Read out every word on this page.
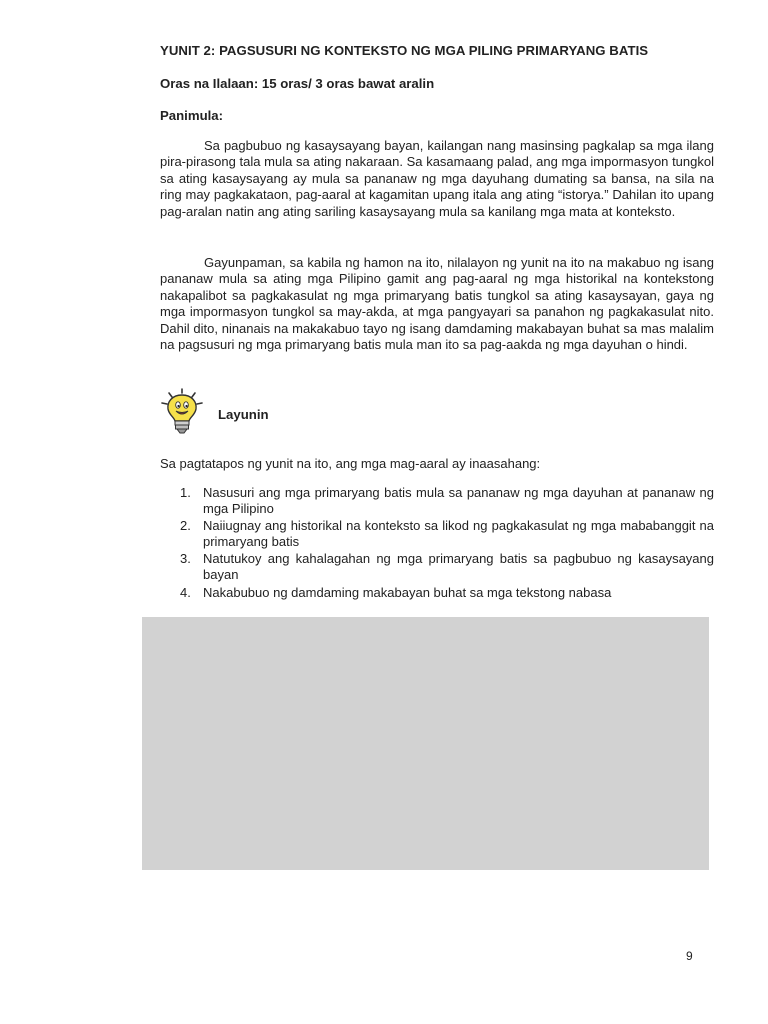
YUNIT 2: PAGSUSURI NG KONTEKSTO NG MGA PILING PRIMARYANG BATIS
Oras na Ilalaan: 15 oras/ 3 oras bawat aralin
Panimula:

Sa pagbubuo ng kasaysayang bayan, kailangan nang masinsing pagkalap sa mga ilang pira-pirasong tala mula sa ating nakaraan. Sa kasamaang palad, ang mga impormasyon tungkol sa ating kasaysayang ay mula sa pananaw ng mga dayuhang dumating sa bansa, na sila na ring may pagkakataon, pag-aaral at kagamitan upang itala ang ating “istorya.” Dahilan ito upang pag-aralan natin ang ating sariling kasaysayang mula sa kanilang mga mata at konteksto.

Gayunpaman, sa kabila ng hamon na ito, nilalayon ng yunit na ito na makabuo ng isang pananaw mula sa ating mga Pilipino gamit ang pag-aaral ng mga historikal na kontekstong nakapalibot sa pagkakasulat ng mga primaryang batis tungkol sa ating kasaysayan, gaya ng mga impormasyon tungkol sa may-akda, at mga pangyayari sa panahon ng pagkakasulat nito. Dahil dito, ninanais na makakabuo tayo ng isang damdaming makabayan buhat sa mas malalim na pagsusuri ng mga primaryang batis mula man ito sa pag-aakda ng mga dayuhan o hindi.

Layunin
Sa pagtatapos ng yunit na ito, ang mga mag-aaral ay inaasahang:
1. Nasusuri ang mga primaryang batis mula sa pananaw ng mga dayuhan at pananaw ng mga Pilipino
2. Naiiugnay ang historikal na konteksto sa likod ng pagkakasulat ng mga mababanggit na primaryang batis
3. Natutukoy ang kahalagahan ng mga primaryang batis sa pagbubuo ng kasaysayang bayan
4. Nakabubuo ng damdaming makabayan buhat sa mga tekstong nabasa
9
